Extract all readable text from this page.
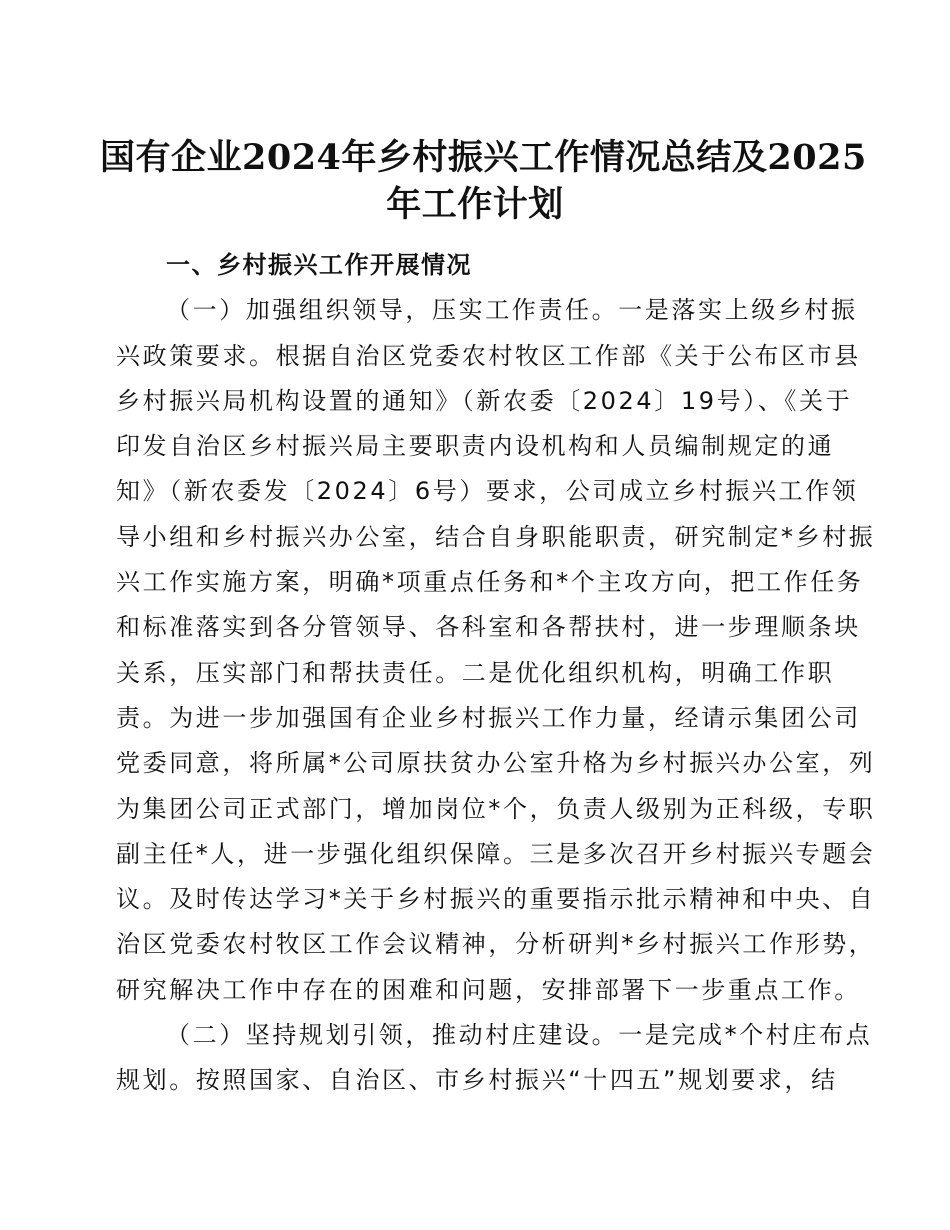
国有企业2024年乡村振兴工作情况总结及2025
年工作计划
一、乡村振兴工作开展情况
（一）加强组织领导，压实工作责任。一是落实上级乡村振
兴政策要求。根据自治区党委农村牧区工作部《关于公布区市县
乡村振兴局机构设置的通知》（新农委〔2024〕19号）、《关于
印发自治区乡村振兴局主要职责内设机构和人员编制规定的通
知》（新农委发〔2024〕6号）要求，公司成立乡村振兴工作领
导小组和乡村振兴办公室，结合自身职能职责，研究制定*乡村振
兴工作实施方案，明确*项重点任务和*个主攻方向，把工作任务
和标准落实到各分管领导、各科室和各帮扶村，进一步理顺条块
关系，压实部门和帮扶责任。二是优化组织机构，明确工作职
责。为进一步加强国有企业乡村振兴工作力量，经请示集团公司
党委同意，将所属*公司原扶贫办公室升格为乡村振兴办公室，列
为集团公司正式部门，增加岗位*个，负责人级别为正科级，专职
副主任*人，进一步强化组织保障。三是多次召开乡村振兴专题会
议。及时传达学习*关于乡村振兴的重要指示批示精神和中央、自
治区党委农村牧区工作会议精神，分析研判*乡村振兴工作形势，
研究解决工作中存在的困难和问题，安排部署下一步重点工作。
（二）坚持规划引领，推动村庄建设。一是完成*个村庄布点
规划。按照国家、自治区、市乡村振兴“十四五”规划要求，结
